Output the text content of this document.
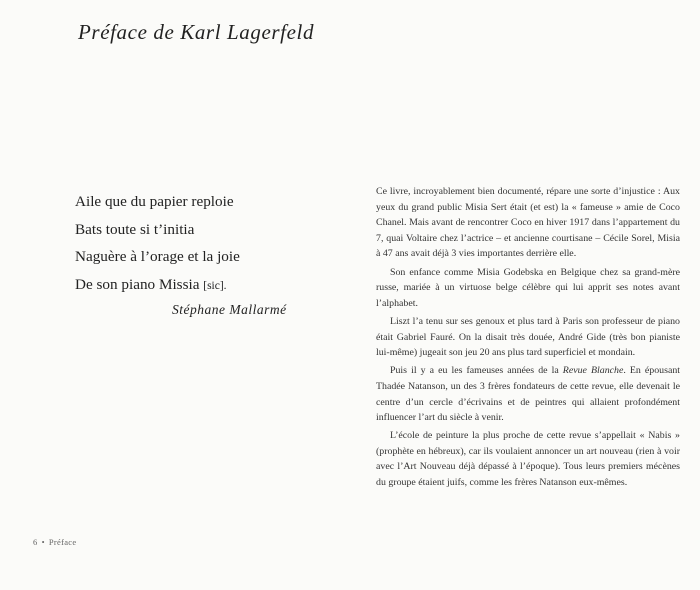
Préface de Karl Lagerfeld
Aile que du papier reploie
Bats toute si t’initia
Naguère à l’orage et la joie
De son piano Missia [sic].
Stéphane Mallarmé

Ce livre, incroyablement bien documenté, répare une sorte d’injustice : Aux yeux du grand public Misia Sert était (et est) la « fameuse » amie de Coco Chanel. Mais avant de rencontrer Coco en hiver 1917 dans l’appartement du 7, quai Voltaire chez l’actrice – et ancienne courtisane – Cécile Sorel, Misia à 47 ans avait déjà 3 vies importantes derrière elle.

Son enfance comme Misia Godebska en Belgique chez sa grand-mère russe, mariée à un virtuose belge célèbre qui lui apprit ses notes avant l’alphabet.

Liszt l’a tenu sur ses genoux et plus tard à Paris son professeur de piano était Gabriel Fauré. On la disait très douée, André Gide (très bon pianiste lui-même) jugeait son jeu 20 ans plus tard superficiel et mondain.

Puis il y a eu les fameuses années de la Revue Blanche. En épousant Thadée Natanson, un des 3 frères fondateurs de cette revue, elle devenait le centre d’un cercle d’écrivains et de peintres qui allaient profondément influencer l’art du siècle à venir.

L’école de peinture la plus proche de cette revue s’appellait « Nabis » (prophète en hébreux), car ils voulaient annoncer un art nouveau (rien à voir avec l’Art Nouveau déjà dépassé à l’époque). Tous leurs premiers mécènes du groupe étaient juifs, comme les frères Natanson eux-mêmes.

6 • Préface
